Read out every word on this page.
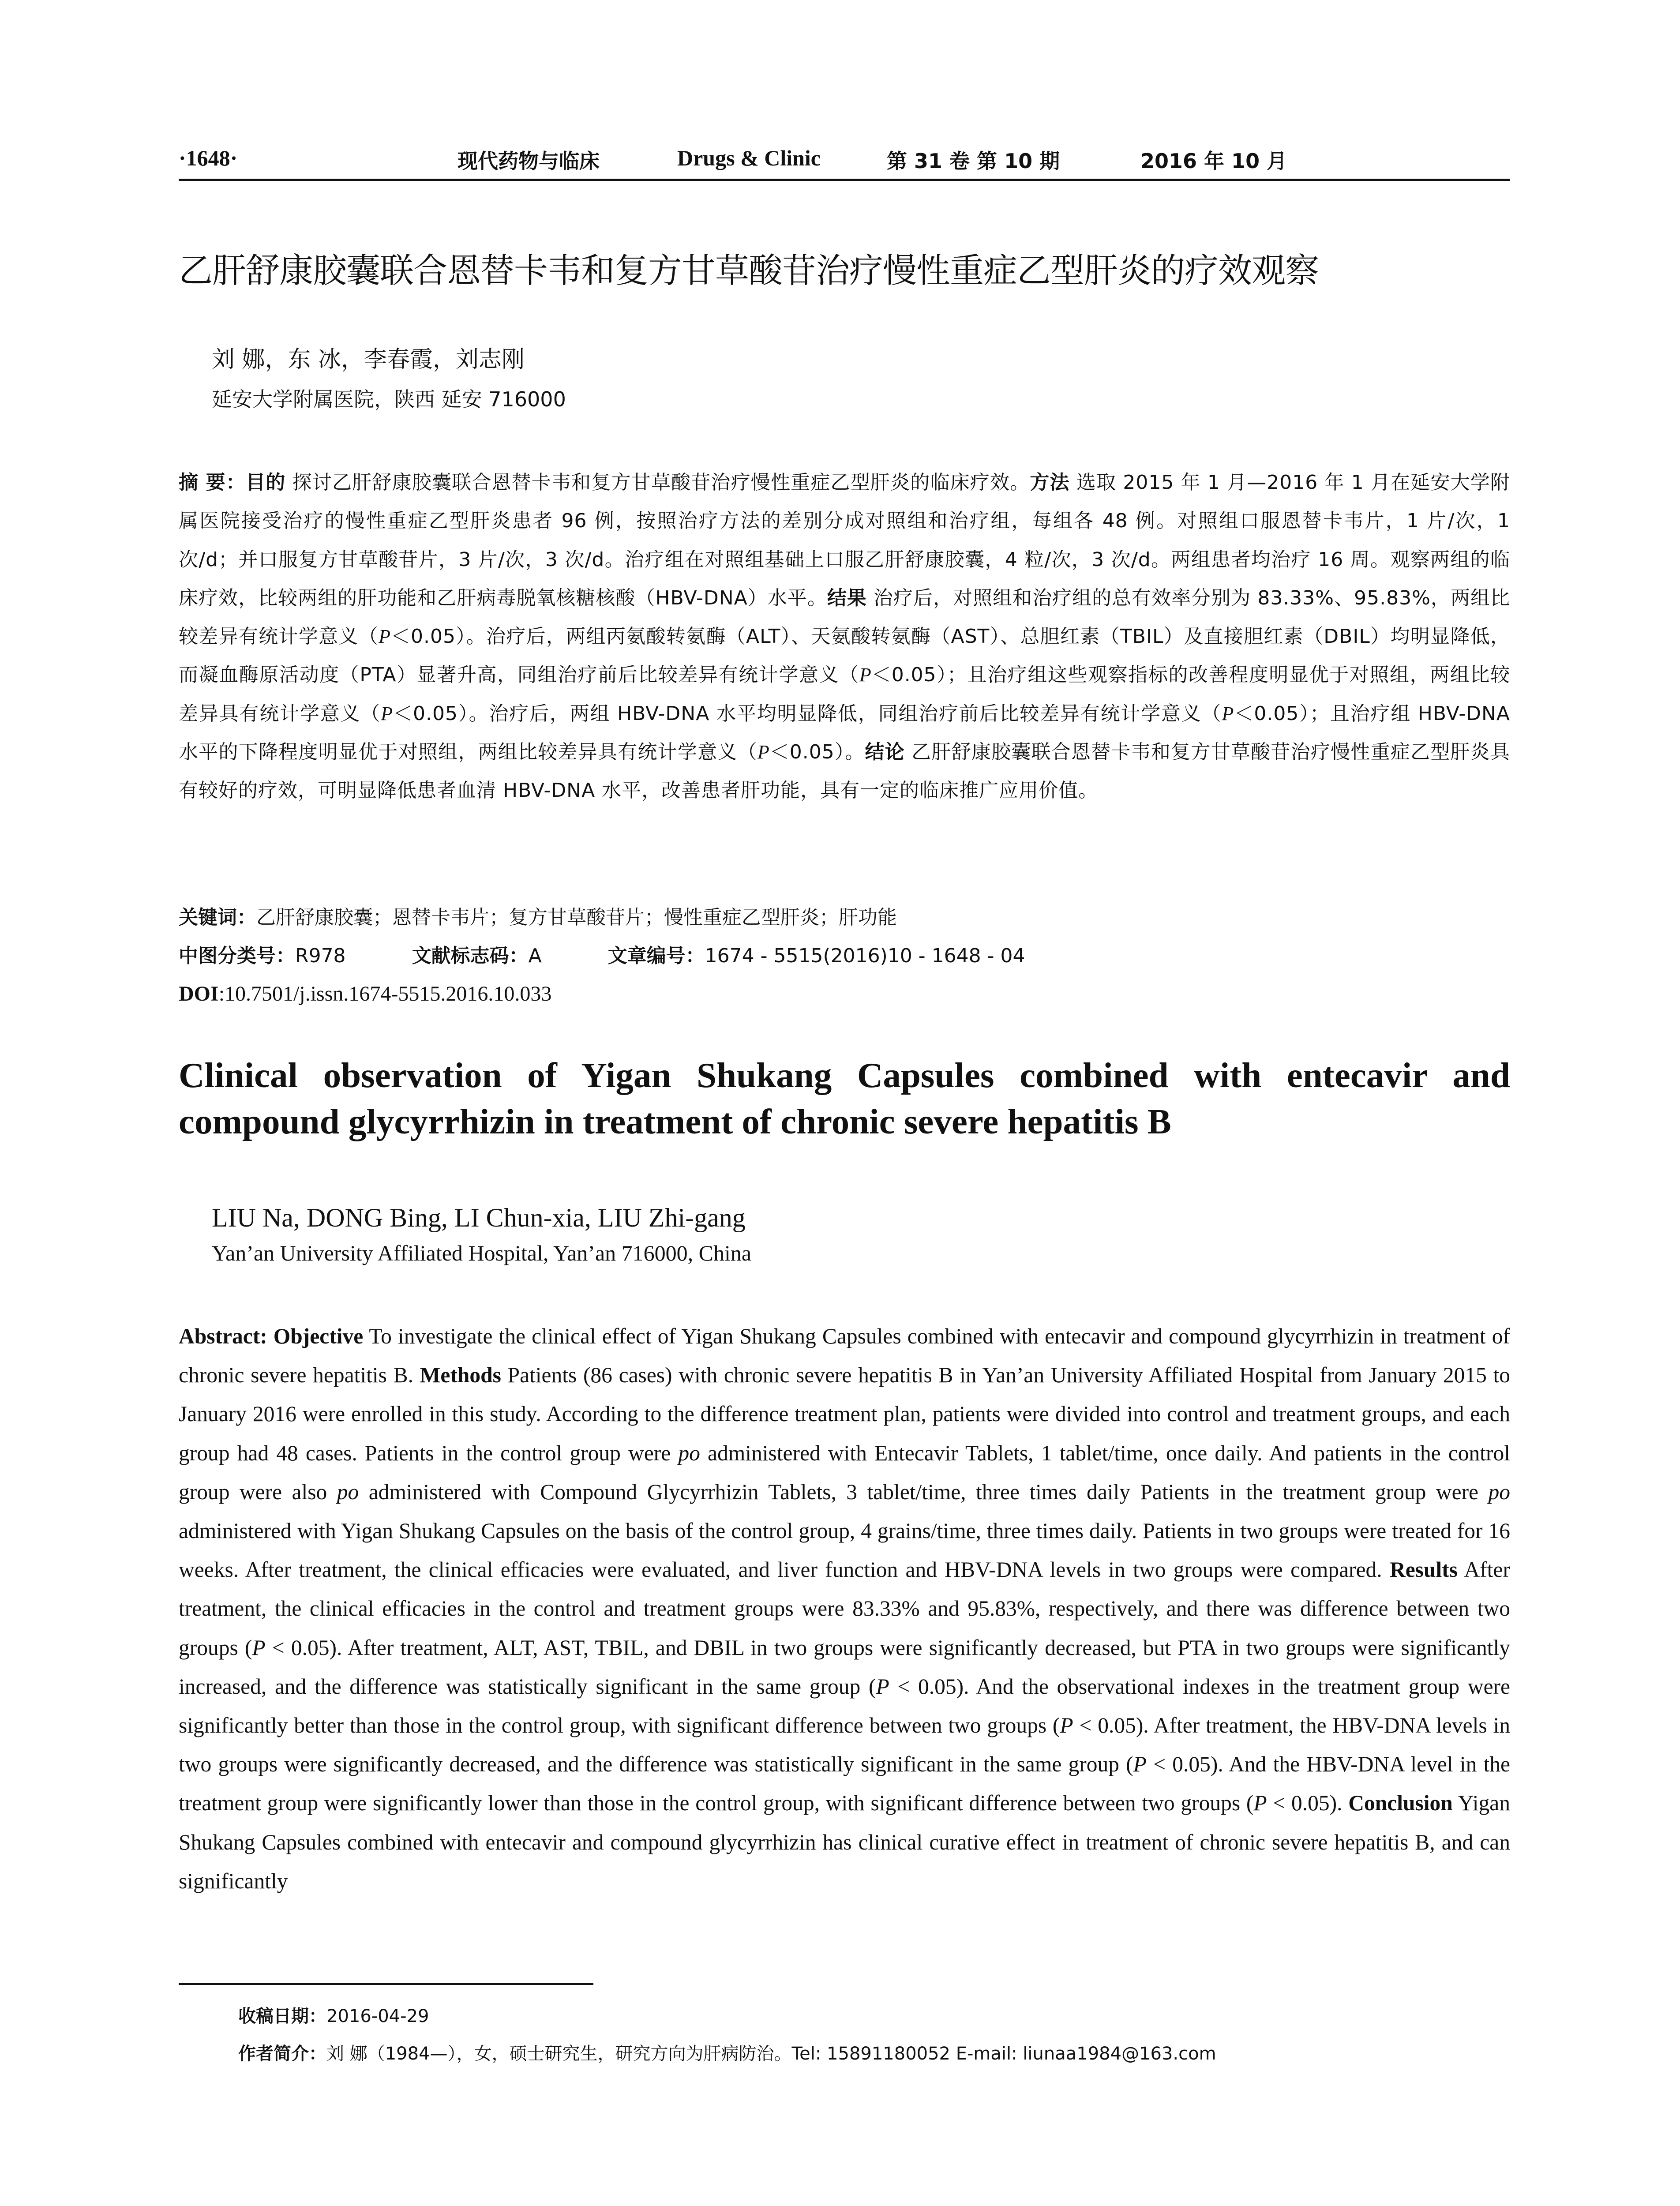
·1648·	现代药物与临床	Drugs & Clinic	第 31 卷 第 10 期	2016 年 10 月
乙肝舒康胶囊联合恩替卡韦和复方甘草酸苷治疗慢性重症乙型肝炎的疗效观察
刘 娜，东 冰，李春霞，刘志刚
延安大学附属医院，陕西 延安 716000
摘 要：目的 探讨乙肝舒康胶囊联合恩替卡韦和复方甘草酸苷治疗慢性重症乙型肝炎的临床疗效。方法 选取 2015 年 1 月—2016 年 1 月在延安大学附属医院接受治疗的慢性重症乙型肝炎患者 96 例，按照治疗方法的差别分成对照组和治疗组，每组各 48 例。对照组口服恩替卡韦片，1 片/次，1 次/d；并口服复方甘草酸苷片，3 片/次，3 次/d。治疗组在对照组基础上口服乙肝舒康胶囊，4 粒/次，3 次/d。两组患者均治疗 16 周。观察两组的临床疗效，比较两组的肝功能和乙肝病毒脱氧核糖核酸（HBV-DNA）水平。结果 治疗后，对照组和治疗组的总有效率分别为 83.33%、95.83%，两组比较差异有统计学意义（P＜0.05）。治疗后，两组丙氨酸转氨酶（ALT）、天氨酸转氨酶（AST）、总胆红素（TBIL）及直接胆红素（DBIL）均明显降低，而凝血酶原活动度（PTA）显著升高，同组治疗前后比较差异有统计学意义（P＜0.05）；且治疗组这些观察指标的改善程度明显优于对照组，两组比较差异具有统计学意义（P＜0.05）。治疗后，两组 HBV-DNA 水平均明显降低，同组治疗前后比较差异有统计学意义（P＜0.05）；且治疗组 HBV-DNA 水平的下降程度明显优于对照组，两组比较差异具有统计学意义（P＜0.05）。结论 乙肝舒康胶囊联合恩替卡韦和复方甘草酸苷治疗慢性重症乙型肝炎具有较好的疗效，可明显降低患者血清 HBV-DNA 水平，改善患者肝功能，具有一定的临床推广应用价值。
关键词：乙肝舒康胶囊；恩替卡韦片；复方甘草酸苷片；慢性重症乙型肝炎；肝功能
中图分类号：R978	文献标志码：A	文章编号：1674 - 5515(2016)10 - 1648 - 04
DOI:10.7501/j.issn.1674-5515.2016.10.033
Clinical observation of Yigan Shukang Capsules combined with entecavir and compound glycyrrhizin in treatment of chronic severe hepatitis B
LIU Na, DONG Bing, LI Chun-xia, LIU Zhi-gang
Yan’an University Affiliated Hospital, Yan’an 716000, China
Abstract: Objective To investigate the clinical effect of Yigan Shukang Capsules combined with entecavir and compound glycyrrhizin in treatment of chronic severe hepatitis B. Methods Patients (86 cases) with chronic severe hepatitis B in Yan’an University Affiliated Hospital from January 2015 to January 2016 were enrolled in this study. According to the difference treatment plan, patients were divided into control and treatment groups, and each group had 48 cases. Patients in the control group were po administered with Entecavir Tablets, 1 tablet/time, once daily. And patients in the control group were also po administered with Compound Glycyrrhizin Tablets, 3 tablet/time, three times daily Patients in the treatment group were po administered with Yigan Shukang Capsules on the basis of the control group, 4 grains/time, three times daily. Patients in two groups were treated for 16 weeks. After treatment, the clinical efficacies were evaluated, and liver function and HBV-DNA levels in two groups were compared. Results After treatment, the clinical efficacies in the control and treatment groups were 83.33% and 95.83%, respectively, and there was difference between two groups (P < 0.05). After treatment, ALT, AST, TBIL, and DBIL in two groups were significantly decreased, but PTA in two groups were significantly increased, and the difference was statistically significant in the same group (P < 0.05). And the observational indexes in the treatment group were significantly better than those in the control group, with significant difference between two groups (P < 0.05). After treatment, the HBV-DNA levels in two groups were significantly decreased, and the difference was statistically significant in the same group (P < 0.05). And the HBV-DNA level in the treatment group were significantly lower than those in the control group, with significant difference between two groups (P < 0.05). Conclusion Yigan Shukang Capsules combined with entecavir and compound glycyrrhizin has clinical curative effect in treatment of chronic severe hepatitis B, and can significantly
收稿日期：2016-04-29
作者简介：刘 娜（1984—），女，硕士研究生，研究方向为肝病防治。Tel: 15891180052 E-mail: liunaa1984@163.com
